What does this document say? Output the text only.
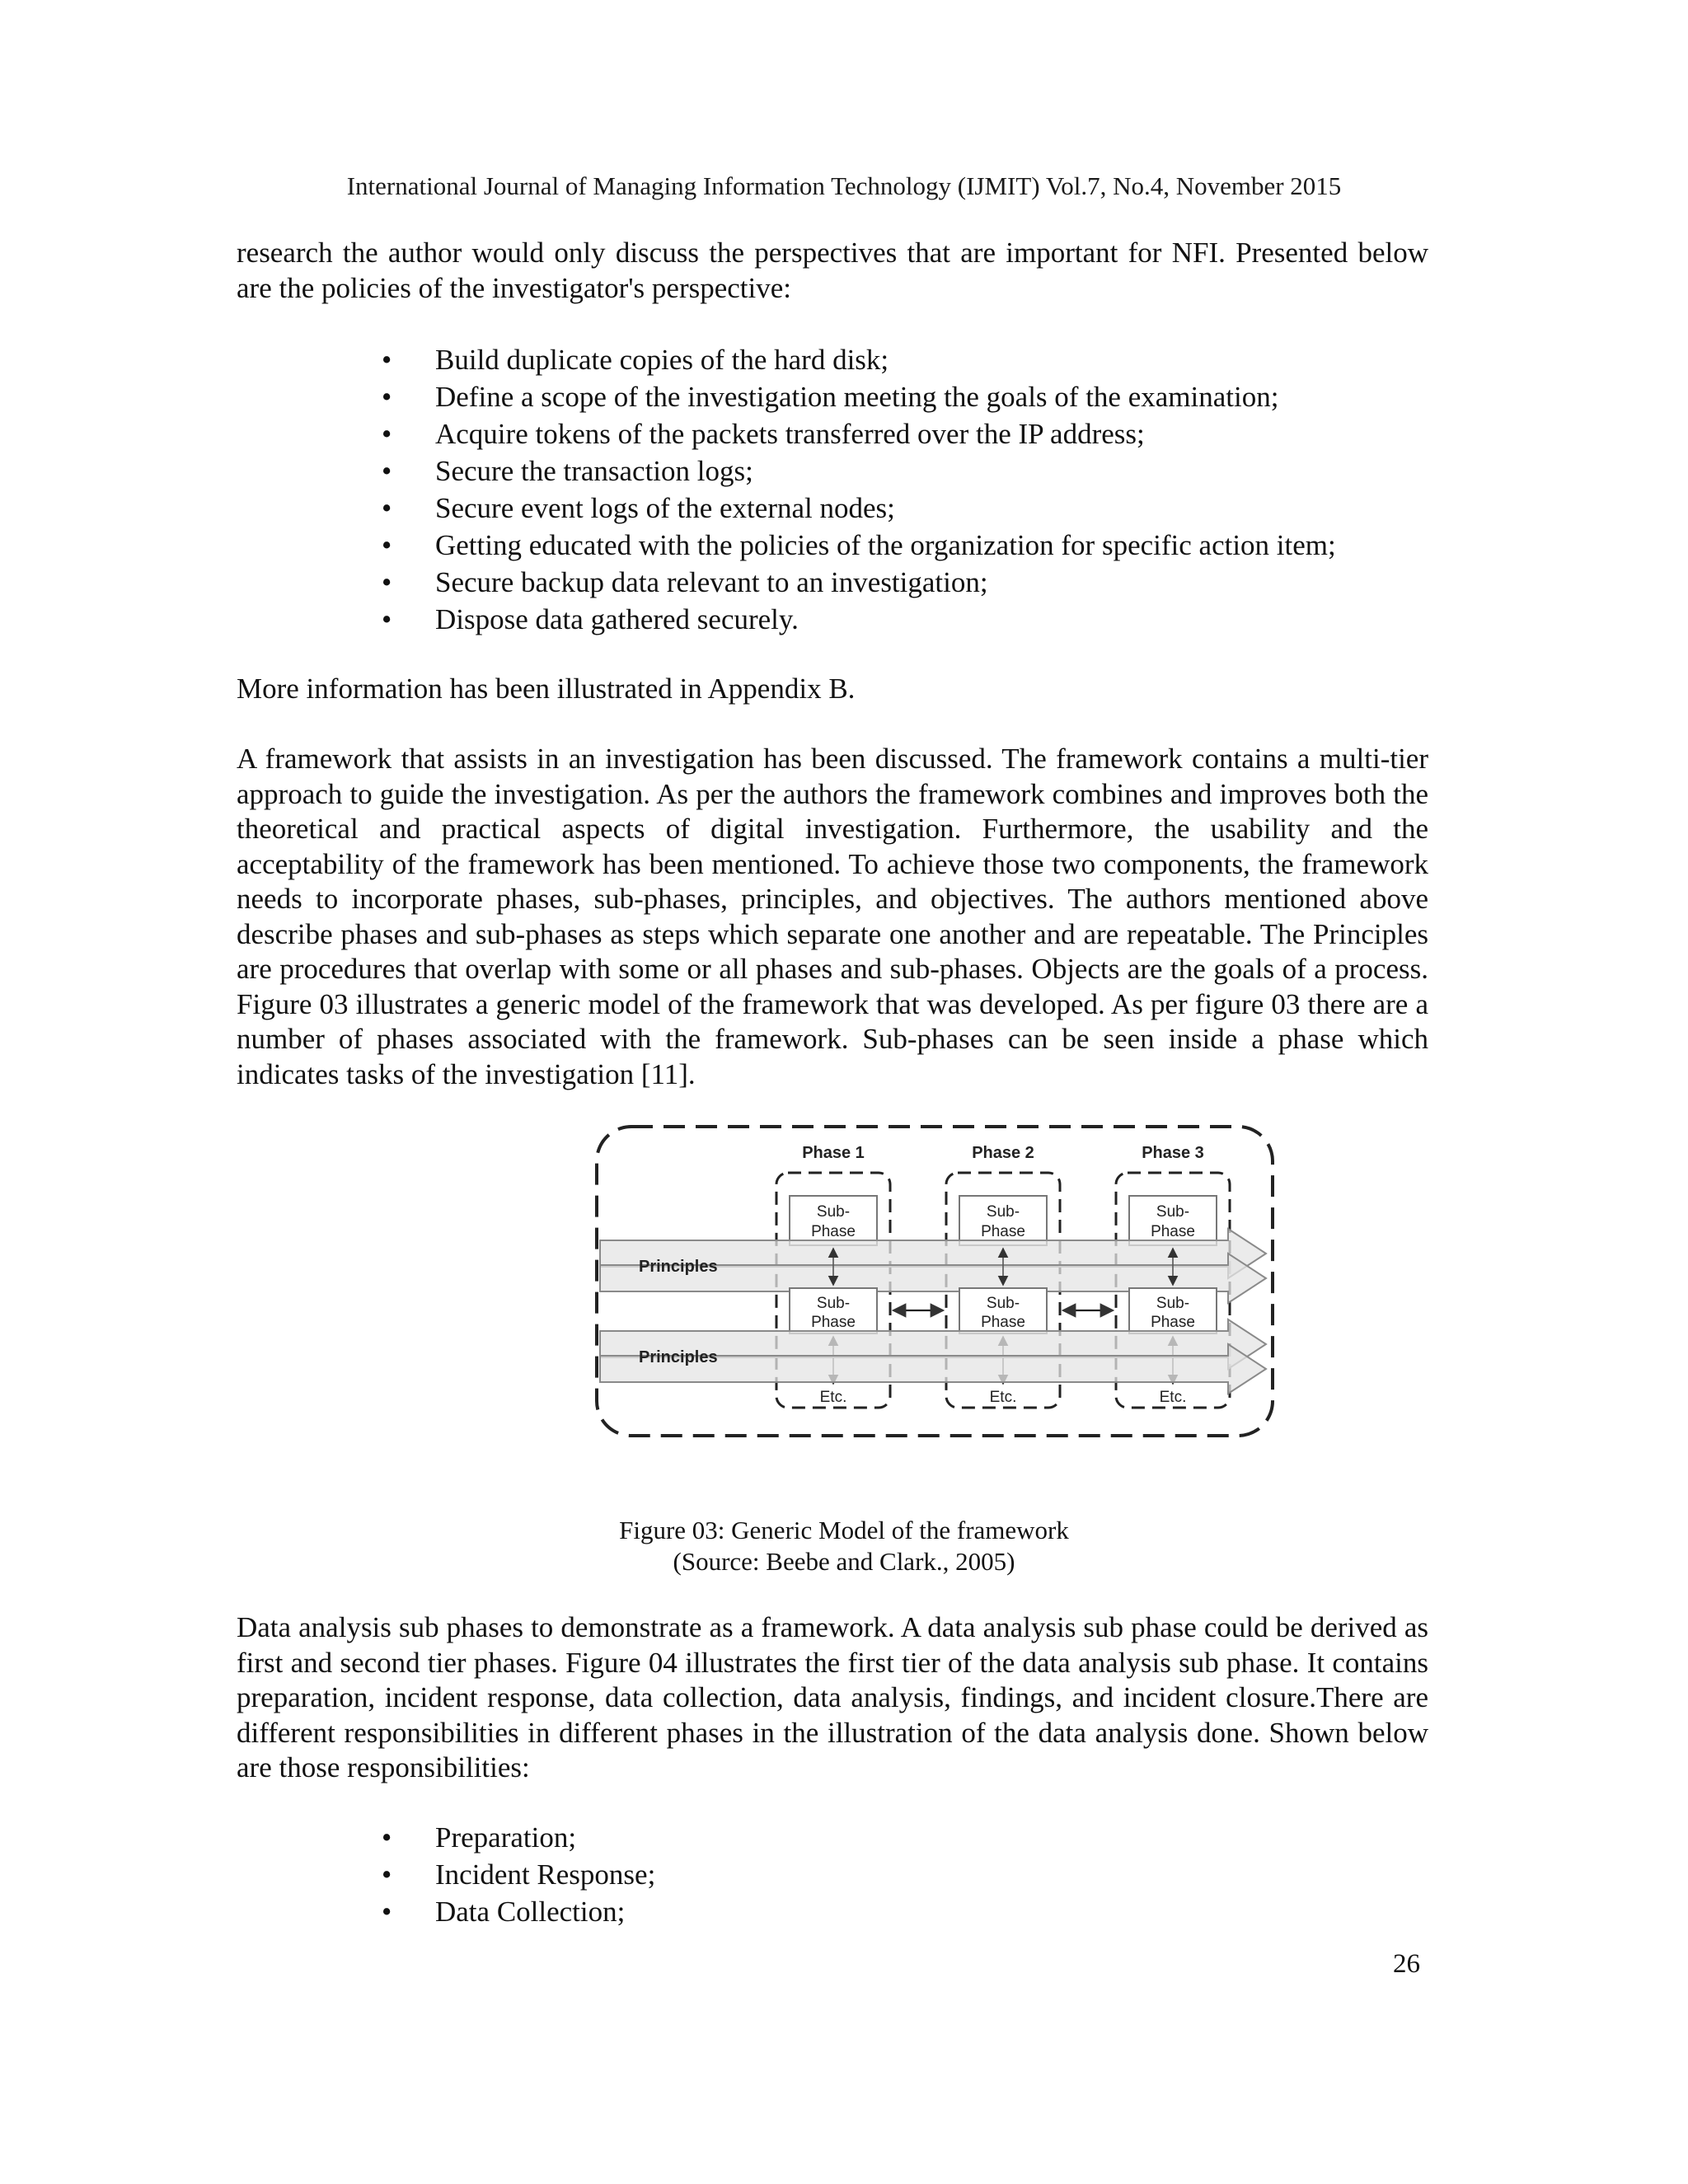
International Journal of Managing Information Technology (IJMIT) Vol.7, No.4, November 2015

research the author would only discuss the perspectives that are important for NFI. Presented below are the policies of the investigator's perspective:

• Build duplicate copies of the hard disk;
• Define a scope of the investigation meeting the goals of the examination;
• Acquire tokens of the packets transferred over the IP address;
• Secure the transaction logs;
• Secure event logs of the external nodes;
• Getting educated with the policies of the organization for specific action item;
• Secure backup data relevant to an investigation;
• Dispose data gathered securely.

More information has been illustrated in Appendix B.

A framework that assists in an investigation has been discussed. The framework contains a multi-tier approach to guide the investigation. As per the authors the framework combines and improves both the theoretical and practical aspects of digital investigation. Furthermore, the usability and the acceptability of the framework has been mentioned. To achieve those two components, the framework needs to incorporate phases, sub-phases, principles, and objectives. The authors mentioned above describe phases and sub-phases as steps which separate one another and are repeatable. The Principles are procedures that overlap with some or all phases and sub-phases. Objects are the goals of a process. Figure 03 illustrates a generic model of the framework that was developed. As per figure 03 there are a number of phases associated with the framework. Sub-phases can be seen inside a phase which indicates tasks of the investigation [11].

Phase 1	Phase 2	Phase 3
Sub-
Phase
Sub-
Phase
Sub-
Phase
Principles
Sub-
Phase
Sub-
Phase
Sub-
Phase
Principles
Etc.	Etc.	Etc.
Figure 03: Generic Model of the framework
(Source: Beebe and Clark., 2005)

Data analysis sub phases to demonstrate as a framework. A data analysis sub phase could be derived as first and second tier phases. Figure 04 illustrates the first tier of the data analysis sub phase. It contains preparation, incident response, data collection, data analysis, findings, and incident closure.There are different responsibilities in different phases in the illustration of the data analysis done. Shown below are those responsibilities:

• Preparation;
• Incident Response;
• Data Collection;
26
